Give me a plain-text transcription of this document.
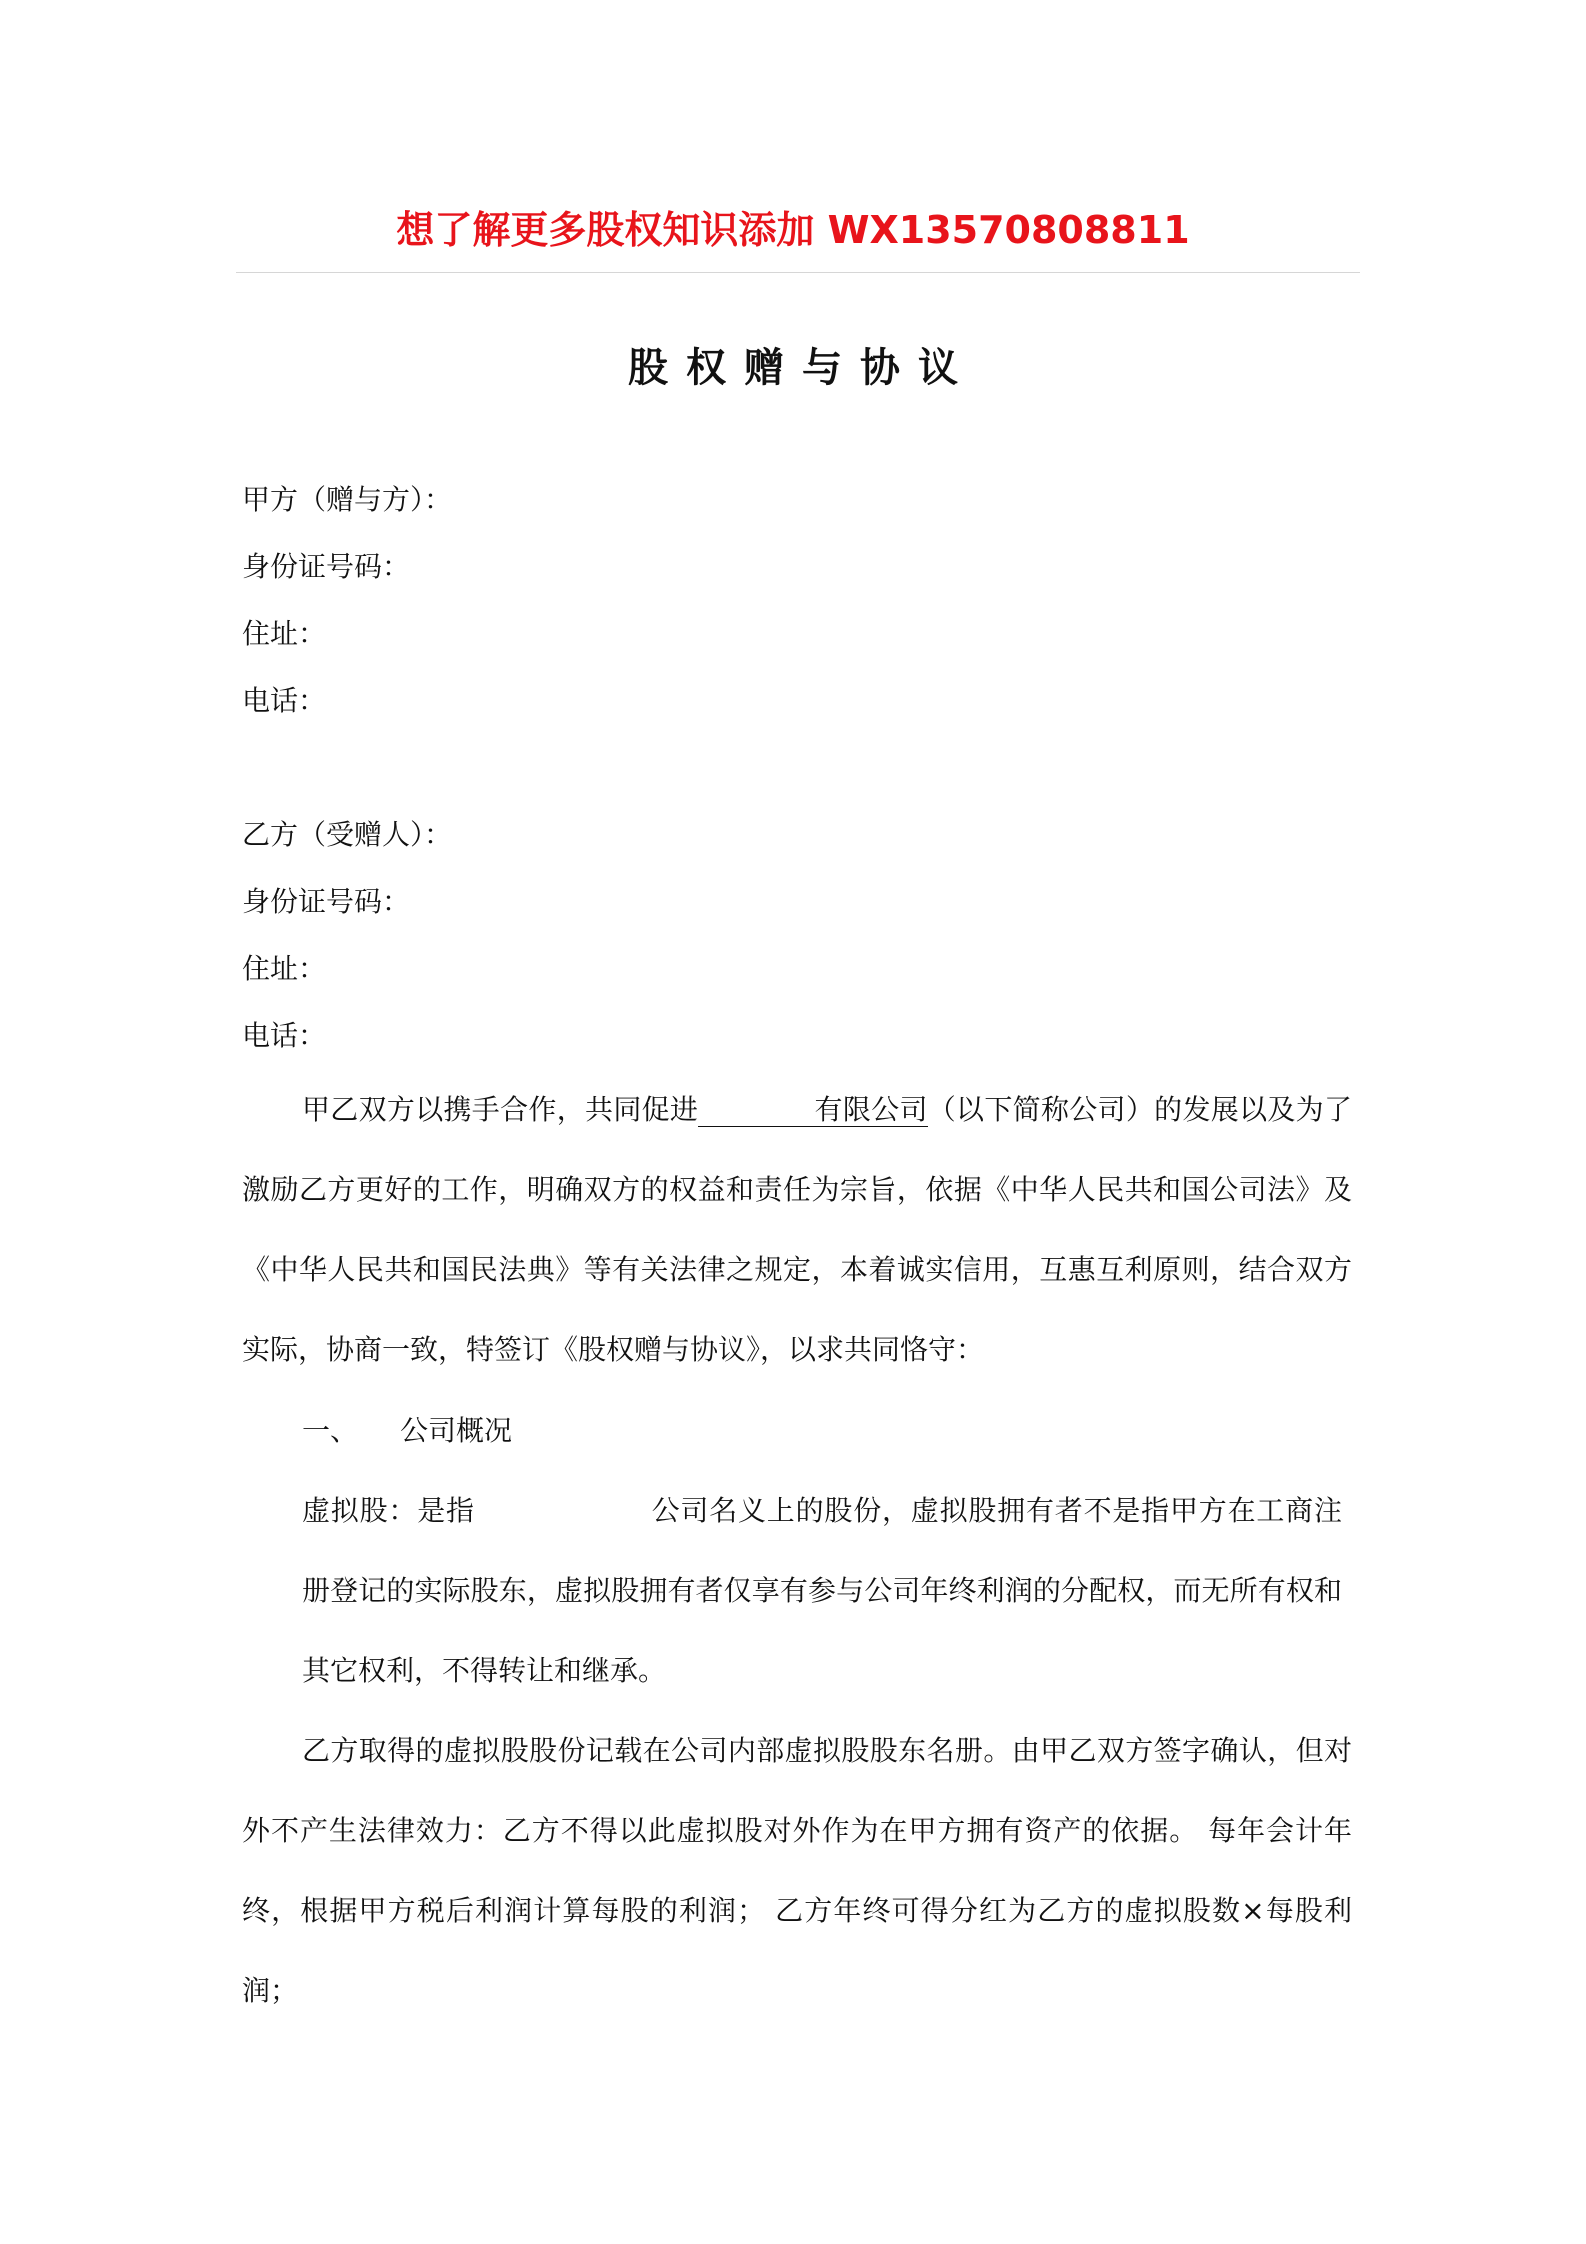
想了解更多股权知识添加 WX13570808811
股权赠与协议
甲方（赠与方）：
身份证号码：
住址：
电话：
乙方（受赠人）：
身份证号码：
住址：
电话：

甲乙双方以携手合作，共同促进	有限公司（以下简称公司）的发展以及为了激励乙方更好的工作，明确双方的权益和责任为宗旨，依据《中华人民共和国公司法》及《中华人民共和国民法典》等有关法律之规定，本着诚实信用，互惠互利原则，结合双方实际，协商一致，特签订《股权赠与协议》，以求共同恪守：

一、 公司概况

虚拟股：是指	公司名义上的股份，虚拟股拥有者不是指甲方在工商注册登记的实际股东，虚拟股拥有者仅享有参与公司年终利润的分配权，而无所有权和其它权利，不得转让和继承。

乙方取得的虚拟股股份记载在公司内部虚拟股股东名册。由甲乙双方签字确认，但对外不产生法律效力：乙方不得以此虚拟股对外作为在甲方拥有资产的依据。 每年会计年终，根据甲方税后利润计算每股的利润； 乙方年终可得分红为乙方的虚拟股数×每股利润；
